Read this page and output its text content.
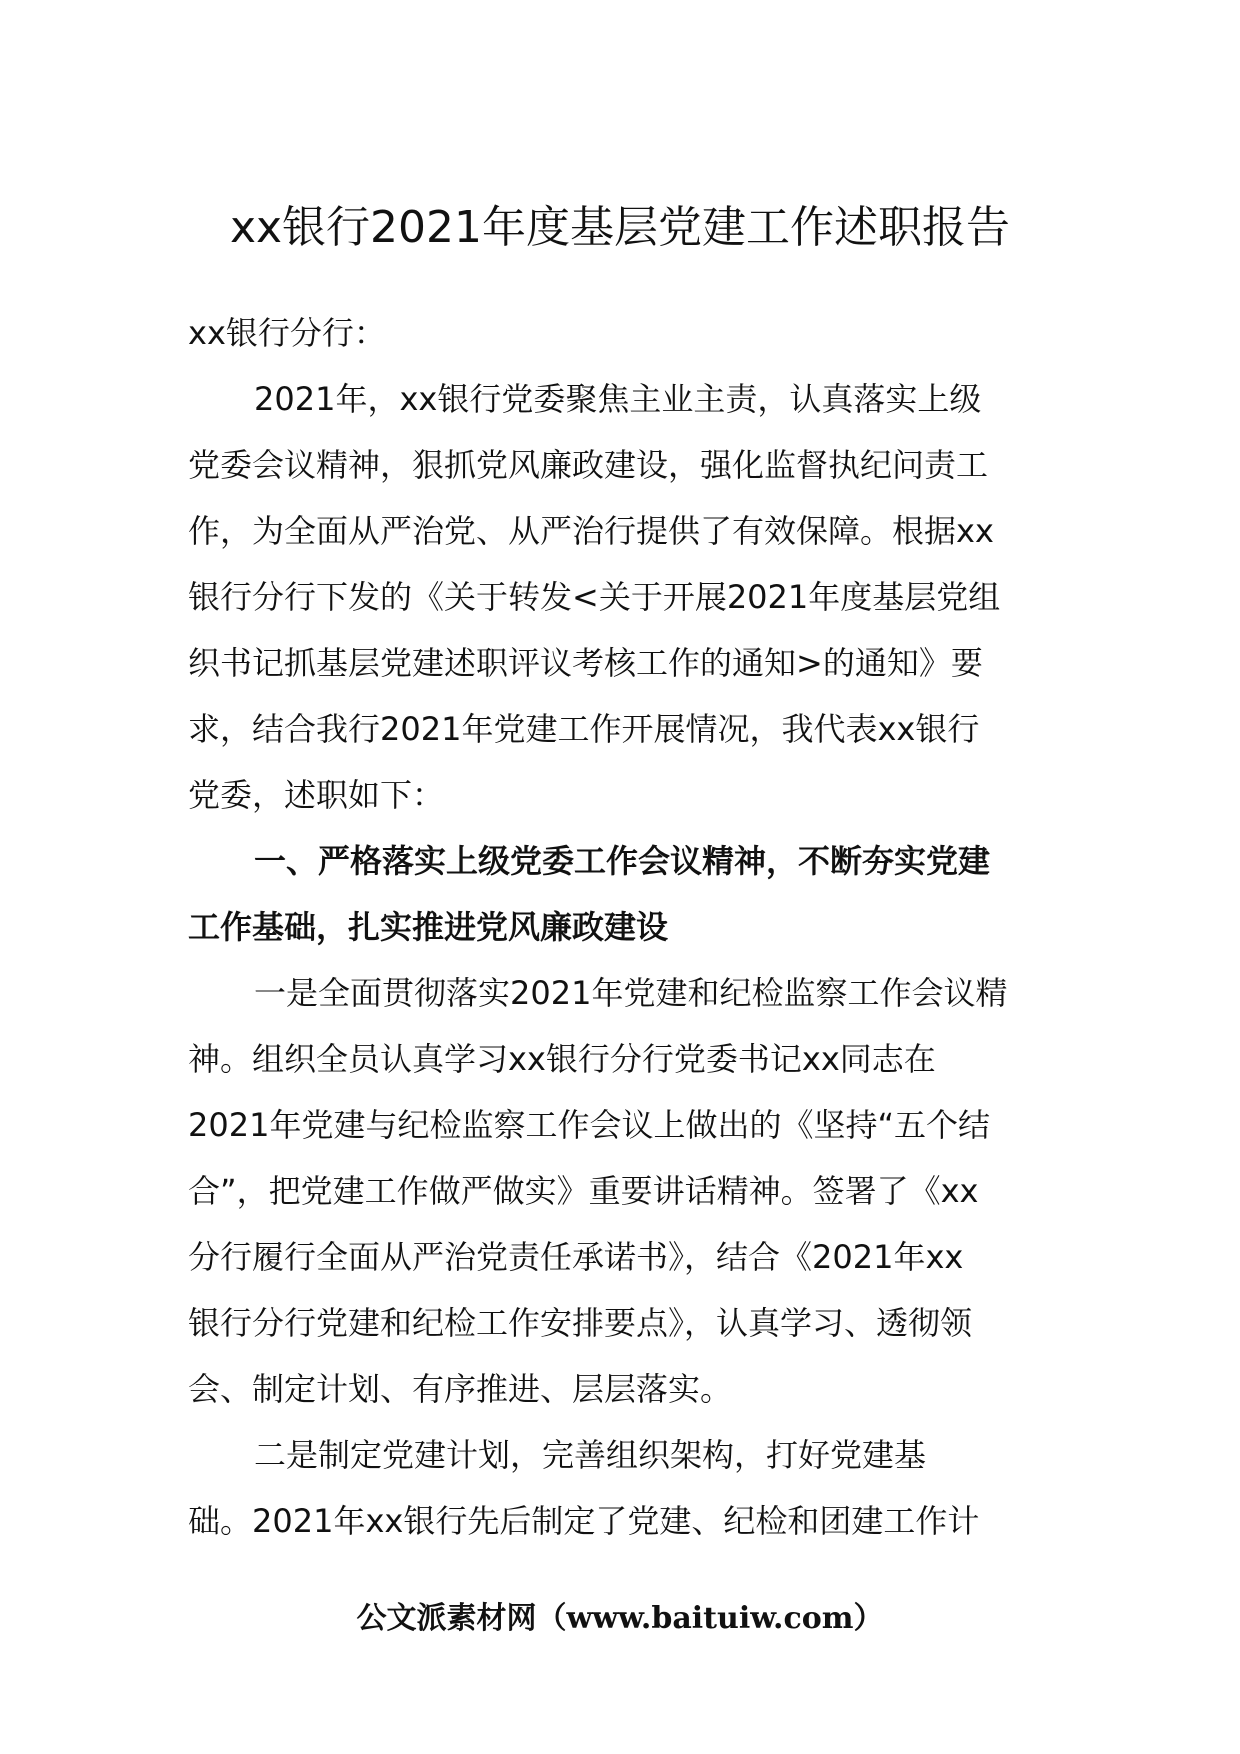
xx银行2021年度基层党建工作述职报告

xx银行分行：

2021年，xx银行党委聚焦主业主责，认真落实上级

党委会议精神，狠抓党风廉政建设，强化监督执纪问责工

作，为全面从严治党、从严治行提供了有效保障。根据xx

银行分行下发的《关于转发<关于开展2021年度基层党组

织书记抓基层党建述职评议考核工作的通知>的通知》要

求，结合我行2021年党建工作开展情况，我代表xx银行

党委，述职如下：

一、严格落实上级党委工作会议精神，不断夯实党建

工作基础，扎实推进党风廉政建设

一是全面贯彻落实2021年党建和纪检监察工作会议精

神。组织全员认真学习xx银行分行党委书记xx同志在

2021年党建与纪检监察工作会议上做出的《坚持“五个结

合”，把党建工作做严做实》重要讲话精神。签署了《xx

分行履行全面从严治党责任承诺书》，结合《2021年xx

银行分行党建和纪检工作安排要点》，认真学习、透彻领

会、制定计划、有序推进、层层落实。

二是制定党建计划，完善组织架构，打好党建基

础。2021年xx银行先后制定了党建、纪检和团建工作计

公文派素材网（www.baituiw.com）
